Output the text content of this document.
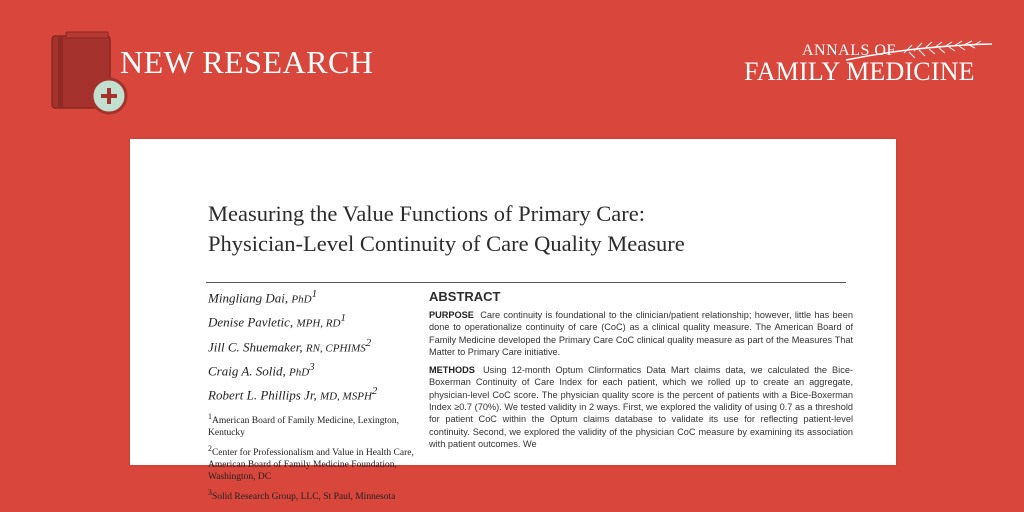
NEW RESEARCH	ANNALS OF
FAMILY MEDICINE
Measuring the Value Functions of Primary Care:
Physician-Level Continuity of Care Quality Measure
Mingliang Dai, PhD$^1$
Denise Pavletic, MPH, $RD^1$
Jill C. Shuemaker, RN, CPHIMS$^2$
Craig A. Solid, PhD$^3$
Robert L. Phillips Jr, MD, MSPH$^2$
$^1$American Board of Family Medicine, Lexington, Kentucky
$^2$Center for Professionalism and Value in Health Care, American Board of Family Medicine Foundation, Washington, DC
$^3$Solid Research Group, LLC, St Paul, Minnesota
ABSTRACT

PURPOSE Care continuity is foundational to the clinician/patient relationship; however, little has been done to operationalize continuity of care (CoC) as a clinical quality measure. The American Board of Family Medicine developed the Primary Care CoC clinical quality measure as part of the Measures That Matter to Primary Care initiative.

METHODS Using 12-month Optum Clinformatics Data Mart claims data, we calculated the Bice-Boxerman Continuity of Care Index for each patient, which we rolled up to create an aggregate, physician-level CoC score. The physician quality score is the percent of patients with a Bice-Boxerman Index ≥0.7 (70%). We tested validity in 2 ways. First, we explored the validity of using 0.7 as a threshold for patient CoC within the Optum claims database to validate its use for reflecting patient-level continuity. Second, we explored the validity of the physician CoC measure by examining its association with patient outcomes. We
